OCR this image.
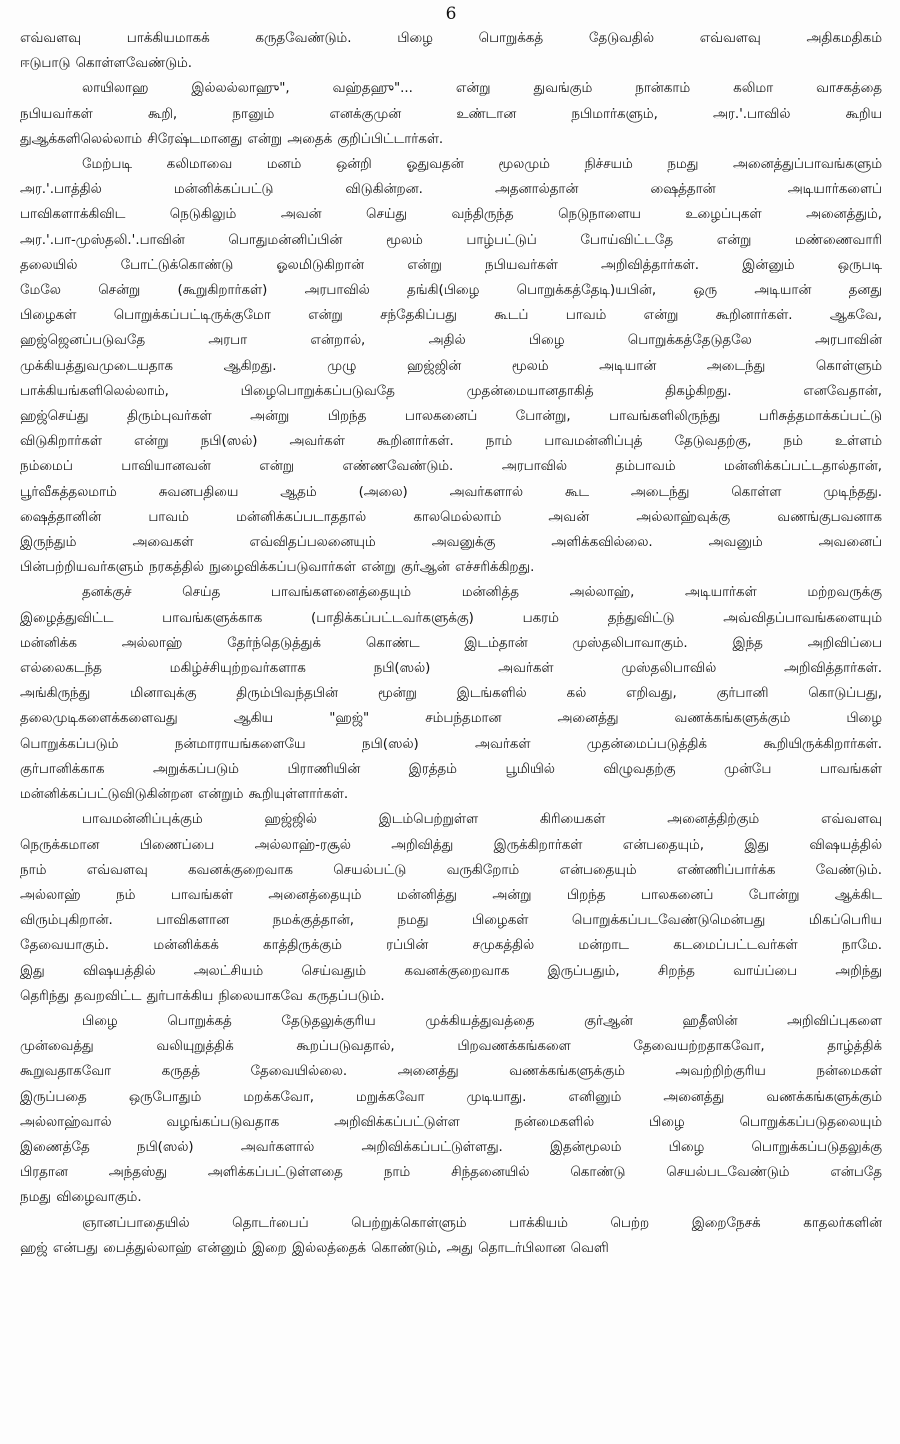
6
எவ்வளவு பாக்கியமாகக் கருதவேண்டும். பிழை பொறுக்கத் தேடுவதில் எவ்வளவு அதிகமதிகம்
ஈடுபாடு கொள்ளவேண்டும்.
லாயிலாஹ இல்லல்லாஹு", வஹ்தஹு"... என்று துவங்கும் நான்காம் கலிமா வாசகத்தை
நபியவர்கள் கூறி, நானும் எனக்குமுன் உண்டான நபிமார்களும், அர.'.பாவில் கூறிய
துஆக்களிலெல்லாம் சிரேஷ்டமானது என்று அதைக் குறிப்பிட்டார்கள்.
மேற்படி கலிமாவை மனம் ஒன்றி ஓதுவதன் மூலமும் நிச்சயம் நமது அனைத்துப்பாவங்களும்
அர.'.பாத்தில் மன்னிக்கப்பட்டு விடுகின்றன. அதனால்தான் ஷைத்தான் அடியார்களைப்
பாவிகளாக்கிவிட நெடுகிலும் அவன் செய்து வந்திருந்த நெடுநாளைய உழைப்புகள் அனைத்தும்,
அர.'.பா-முஸ்தலி.'.பாவின் பொதுமன்னிப்பின் மூலம் பாழ்பட்டுப் போய்விட்டதே என்று மண்ணைவாரி
தலையில் போட்டுக்கொண்டு ஓலமிடுகிறான் என்று நபியவர்கள் அறிவித்தார்கள். இன்னும் ஒருபடி
மேலே சென்று (கூறுகிறார்கள்) அரபாவில் தங்கி(பிழை பொறுக்கத்தேடி)யபின், ஒரு அடியான் தனது
பிழைகள் பொறுக்கப்பட்டிருக்குமோ என்று சந்தேகிப்பது கூடப் பாவம் என்று கூறினார்கள். ஆகவே,
ஹஜ்ஜெனப்படுவதே அரபா என்றால், அதில் பிழை பொறுக்கத்தேடுதலே அரபாவின்
முக்கியத்துவமுடையதாக ஆகிறது. முழு ஹஜ்ஜின் மூலம் அடியான் அடைந்து கொள்ளும்
பாக்கியங்களிலெல்லாம், பிழைபொறுக்கப்படுவதே முதன்மையானதாகித் திகழ்கிறது. எனவேதான்,
ஹஜ்செய்து திரும்புவர்கள் அன்று பிறந்த பாலகனைப் போன்று, பாவங்களிலிருந்து பரிசுத்தமாக்கப்பட்டு
விடுகிறார்கள் என்று நபி(ஸல்) அவர்கள் கூறினார்கள். நாம் பாவமன்னிப்புத் தேடுவதற்கு, நம் உள்ளம்
நம்மைப் பாவியானவன் என்று எண்ணவேண்டும். அரபாவில் தம்பாவம் மன்னிக்கப்பட்டதால்தான்,
பூர்வீகத்தலமாம் சுவனபதியை ஆதம் (அலை) அவர்களால் கூட அடைந்து கொள்ள முடிந்தது.
ஷைத்தானின் பாவம் மன்னிக்கப்படாததால் காலமெல்லாம் அவன் அல்லாஹ்வுக்கு வணங்குபவனாக
இருந்தும் அவைகள் எவ்விதப்பலனையும் அவனுக்கு அளிக்கவில்லை. அவனும் அவனைப்
பின்பற்றியவர்களும் நரகத்தில் நுழைவிக்கப்படுவார்கள் என்று குர்ஆன் எச்சரிக்கிறது.
தனக்குச் செய்த பாவங்களனைத்தையும் மன்னித்த அல்லாஹ், அடியார்கள் மற்றவருக்கு
இழைத்துவிட்ட பாவங்களுக்காக (பாதிக்கப்பட்டவர்களுக்கு) பகரம் தந்துவிட்டு அவ்விதப்பாவங்களையும்
மன்னிக்க அல்லாஹ் தேர்ந்தெடுத்துக் கொண்ட இடம்தான் முஸ்தலிபாவாகும். இந்த அறிவிப்பை
எல்லைகடந்த மகிழ்ச்சியுற்றவர்களாக நபி(ஸல்) அவர்கள் முஸ்தலிபாவில் அறிவித்தார்கள்.
அங்கிருந்து மினாவுக்கு திரும்பிவந்தபின் மூன்று இடங்களில் கல் எறிவது, குர்பானி கொடுப்பது,
தலைமுடிகளைக்களைவது ஆகிய "ஹஜ்" சம்பந்தமான அனைத்து வணக்கங்களுக்கும் பிழை
பொறுக்கப்படும் நன்மாராயங்களையே நபி(ஸல்) அவர்கள் முதன்மைப்படுத்திக் கூறியிருக்கிறார்கள்.
குர்பானிக்காக அறுக்கப்படும் பிராணியின் இரத்தம் பூமியில் விழுவதற்கு முன்பே பாவங்கள்
மன்னிக்கப்பட்டுவிடுகின்றன என்றும் கூறியுள்ளார்கள்.
பாவமன்னிப்புக்கும் ஹஜ்ஜில் இடம்பெற்றுள்ள கிரியைகள் அனைத்திற்கும் எவ்வளவு
நெருக்கமான பிணைப்பை அல்லாஹ்-ரசூல் அறிவித்து இருக்கிறார்கள் என்பதையும், இது விஷயத்தில்
நாம் எவ்வளவு கவனக்குறைவாக செயல்பட்டு வருகிறோம் என்பதையும் எண்ணிப்பார்க்க வேண்டும்.
அல்லாஹ் நம் பாவங்கள் அனைத்தையும் மன்னித்து அன்று பிறந்த பாலகனைப் போன்று ஆக்கிட
விரும்புகிறான். பாவிகளான நமக்குத்தான், நமது பிழைகள் பொறுக்கப்படவேண்டுமென்பது மிகப்பெரிய
தேவையாகும். மன்னிக்கக் காத்திருக்கும் ரப்பின் சமுகத்தில் மன்றாட கடமைப்பட்டவர்கள் நாமே.
இது விஷயத்தில் அலட்சியம் செய்வதும் கவனக்குறைவாக இருப்பதும், சிறந்த வாய்ப்பை அறிந்து
தெரிந்து தவறவிட்ட துர்பாக்கிய நிலையாகவே கருதப்படும்.
பிழை பொறுக்கத் தேடுதலுக்குரிய முக்கியத்துவத்தை குர்ஆன் ஹதீஸின் அறிவிப்புகளை
முன்வைத்து வலியுறுத்திக் கூறப்படுவதால், பிறவணக்கங்களை தேவையற்றதாகவோ, தாழ்த்திக்
கூறுவதாகவோ கருதத் தேவையில்லை. அனைத்து வணக்கங்களுக்கும் அவற்றிற்குரிய நன்மைகள்
இருப்பதை ஒருபோதும் மறக்கவோ, மறுக்கவோ முடியாது. எனினும் அனைத்து வணக்கங்களுக்கும்
அல்லாஹ்வால் வழங்கப்படுவதாக அறிவிக்கப்பட்டுள்ள நன்மைகளில் பிழை பொறுக்கப்படுதலையும்
இணைத்தே நபி(ஸல்) அவர்களால் அறிவிக்கப்பட்டுள்ளது. இதன்மூலம் பிழை பொறுக்கப்படுதலுக்கு
பிரதான அந்தஸ்து அளிக்கப்பட்டுள்ளதை நாம் சிந்தனையில் கொண்டு செயல்படவேண்டும் என்பதே
நமது விழைவாகும்.
ஞானப்பாதையில் தொடர்பைப் பெற்றுக்கொள்ளும் பாக்கியம் பெற்ற இறைநேசக் காதலர்களின்
ஹஜ் என்பது பைத்துல்லாஹ் என்னும் இறை இல்லத்தைக் கொண்டும், அது தொடர்பிலான வெளி
